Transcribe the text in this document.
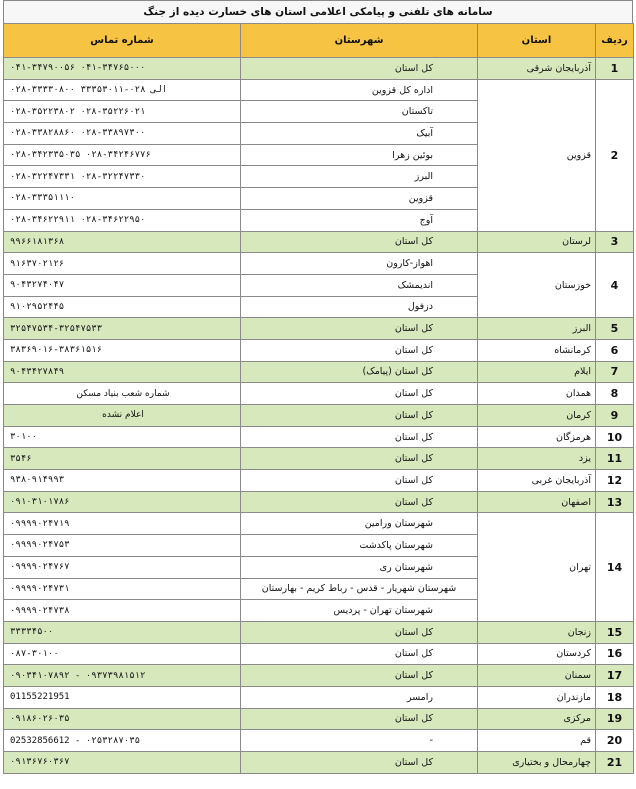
سامانه های تلفنی و پیامکی اعلامی استان های خسارت دیده از جنگ
ردیف	استان	شهرستان	شماره تماس
1	آذربایجان شرقی	کل استان	۰۴۱-۳۴۷۹۰۰۵۶ ۰۴۱-۳۴۷۶۵۰۰۰
2	قزوین	اداره کل قزوین	۰۲۸-۳۳۳۳۰۸۰۰ الی ۰۲۸-۳۳۳۵۳۰۱۱
		تاکستان	۰۲۸-۳۵۲۲۳۸۰۲ ۰۲۸-۳۵۲۲۶۰۲۱
		آبیک	۰۲۸-۳۳۸۲۸۸۶۰ ۰۲۸-۳۳۸۹۷۳۰۰
		بوئین زهرا	۰۲۸-۳۴۲۳۳۵۰۳۵ ۰۲۸-۳۴۲۴۶۷۷۶
		البرز	۰۲۸-۳۲۲۴۷۳۳۱ ۰۲۸-۳۲۲۴۷۳۳۰
		قزوین	۰۲۸-۳۳۳۵۱۱۱۰
		آوج	۰۲۸-۳۴۶۲۲۹۱۱ ۰۲۸-۳۴۶۲۲۹۵۰
3	لرستان	کل استان	۹۹۶۶۱۸۱۳۶۸
4	خوزستان	اهواز-کارون	۹۱۶۳۷۰۲۱۲۶
		اندیمشک	۹۰۴۳۲۷۴۰۴۷
		دزفول	۹۱۰۲۹۵۲۴۴۵
5	البرز	کل استان	۳۲۵۴۷۵۳۴-۳۲۵۴۷۵۳۳
6	کرمانشاه	کل استان	۳۸۳۶۹۰۱۶-۳۸۳۶۱۵۱۶
7	ایلام	کل استان (پیامک)	۹۰۴۳۴۲۷۸۴۹
8	همدان	کل استان	شماره شعب بنیاد مسکن
9	کرمان	کل استان	اعلام نشده
10	هرمزگان	کل استان	۳۰۱۰۰
11	یزد	کل استان	۳۵۴۶
12	آذربایجان غربی	کل استان	۹۳۸۰۹۱۴۹۹۳
13	اصفهان	کل استان	۰۹۱۰۳۱۰۱۷۸۶
14	تهران	شهرستان ورامین	۰۹۹۹۹۰۲۴۷۱۹
		شهرستان پاکدشت	۰۹۹۹۹۰۲۴۷۵۳
		شهرستان ری	۰۹۹۹۹۰۲۴۷۶۷
		شهرستان شهریار - قدس - رباط کریم - بهارستان	۰۹۹۹۹۰۲۴۷۳۱
		شهرستان تهران - پردیس	۰۹۹۹۹۰۲۴۷۳۸
15	زنجان	کل استان	۳۳۳۳۴۵۰۰
16	کردستان	کل استان	۰۸۷-۳۰۱۰۰
17	سمنان	کل استان	۰۹۰۳۴۱۰۷۸۹۲ - ۰۹۳۷۳۹۸۱۵۱۲
18	مازندران	رامسر	01155221951
19	مرکزی	کل استان	۰۹۱۸۶۰۲۶۰۳۵
20	قم	-	02532856612 - ۰۲۵۳۲۸۷۰۳۵
21	چهارمحال و بختیاری	کل استان	۰۹۱۳۶۷۶۰۳۶۷
